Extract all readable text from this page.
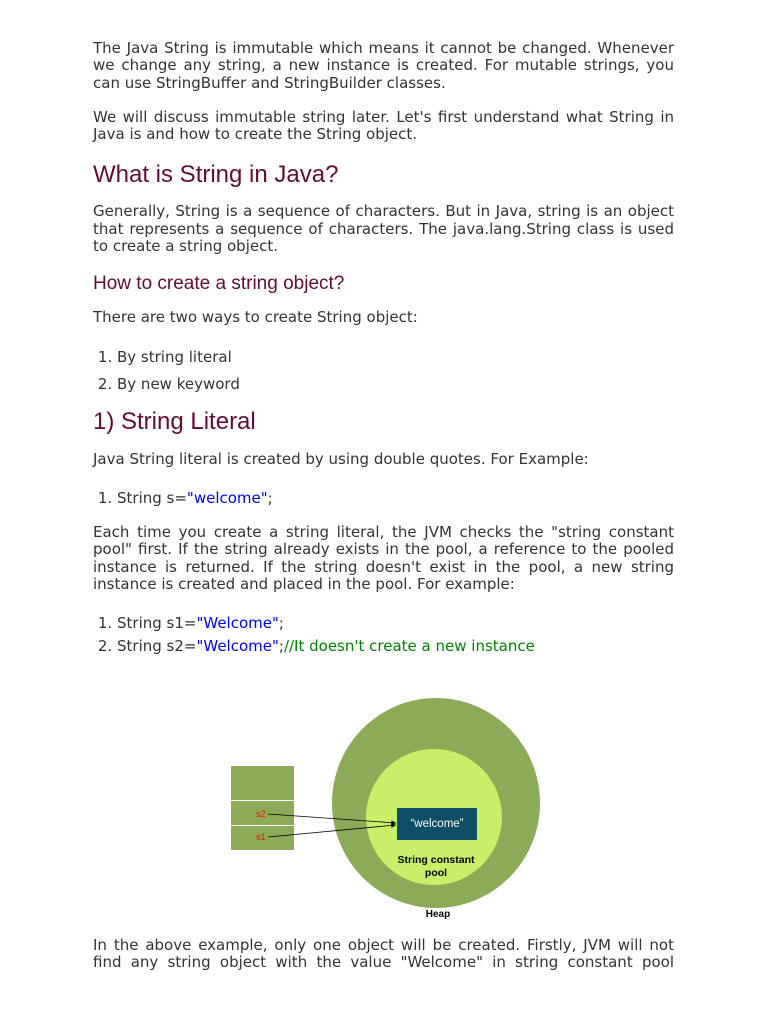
The Java String is immutable which means it cannot be changed. Whenever we change any string, a new instance is created. For mutable strings, you can use StringBuffer and StringBuilder classes.

We will discuss immutable string later. Let's first understand what String in Java is and how to create the String object.

What is String in Java?

Generally, String is a sequence of characters. But in Java, string is an object that represents a sequence of characters. The java.lang.String class is used to create a string object.

How to create a string object?

There are two ways to create String object:

1. By string literal
2. By new keyword
1) String Literal

Java String literal is created by using double quotes. For Example:

1. String s="welcome";

Each time you create a string literal, the JVM checks the "string constant pool" first. If the string already exists in the pool, a reference to the pooled instance is returned. If the string doesn't exist in the pool, a new string instance is created and placed in the pool. For example:

1. String s1="Welcome";
2. String s2="Welcome";//It doesn't create a new instance
“welcome”
String constant
pool
Heap
s2
s1

In the above example, only one object will be created. Firstly, JVM will not find any string object with the value "Welcome" in string constant pool
